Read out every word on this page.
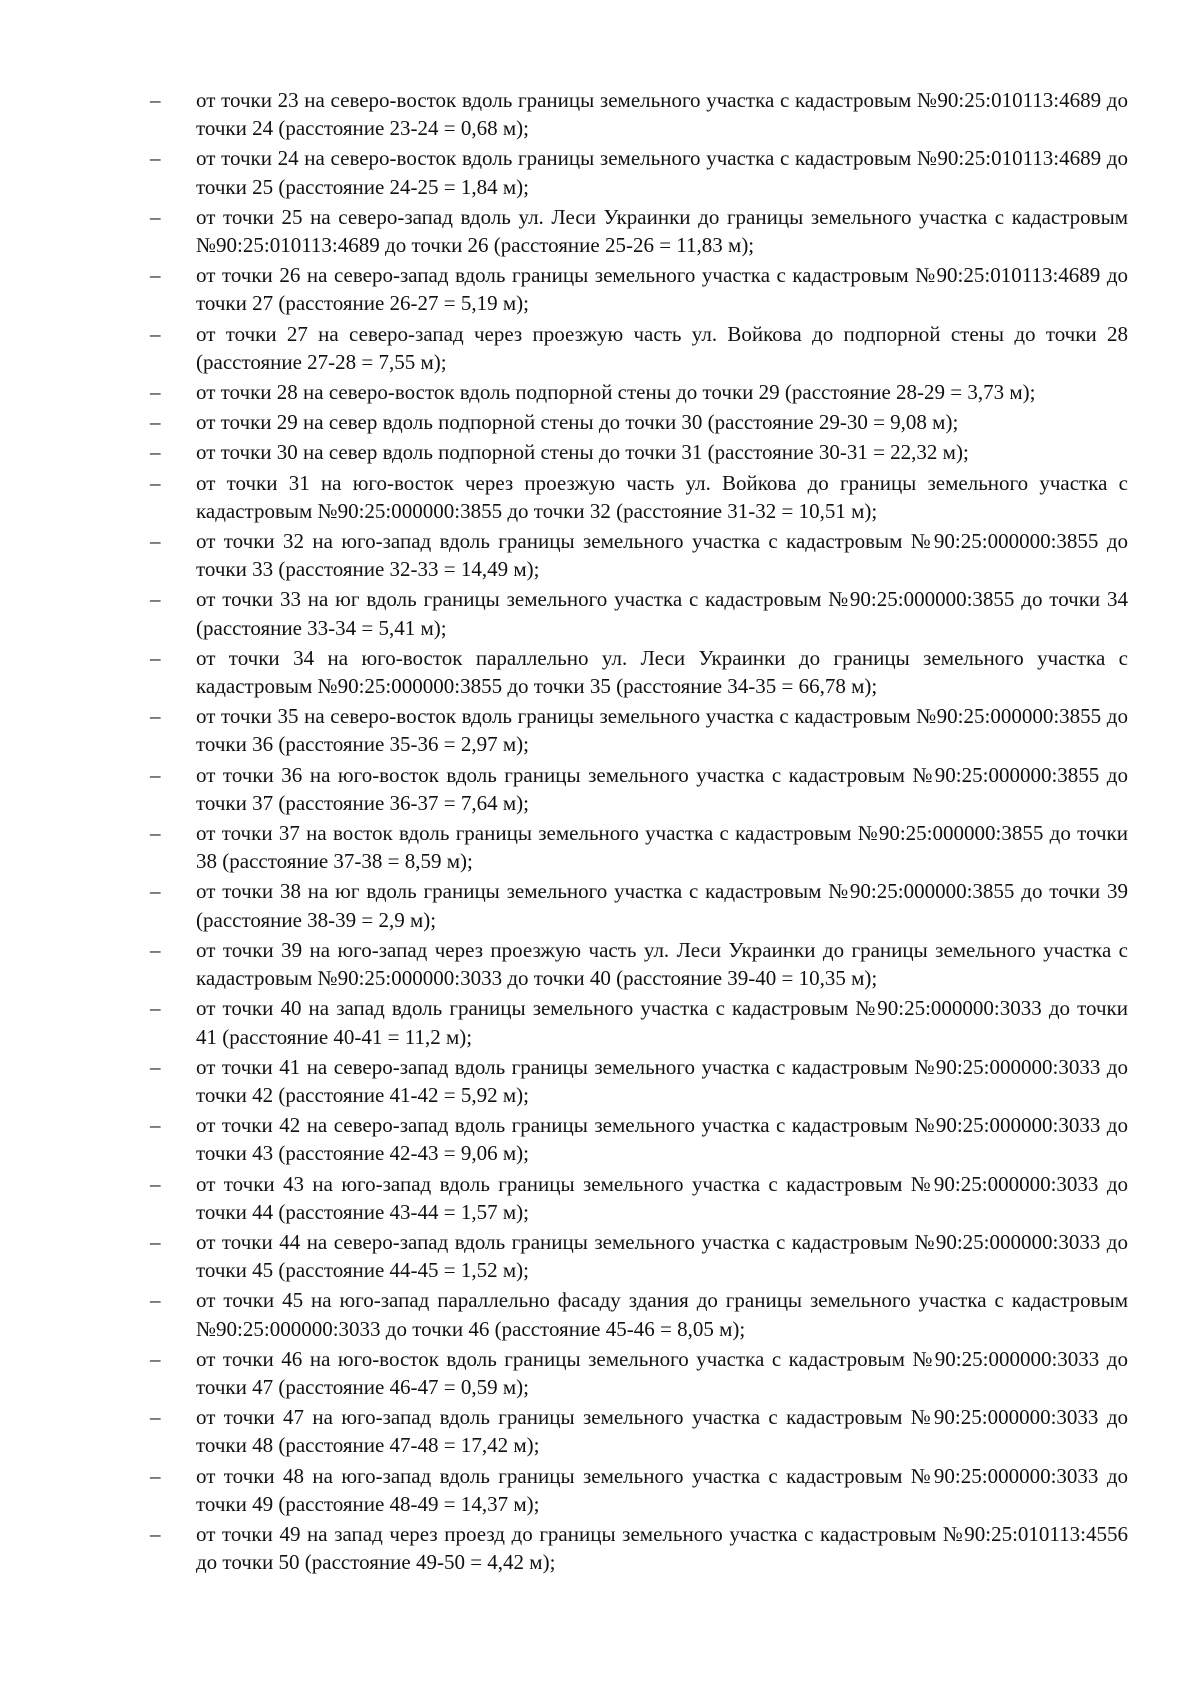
–	от точки 23 на северо-восток вдоль границы земельного участка с кадастровым №90:25:010113:4689 до точки 24 (расстояние 23-24 = 0,68 м);
–	от точки 24 на северо-восток вдоль границы земельного участка с кадастровым №90:25:010113:4689 до точки 25 (расстояние 24-25 = 1,84 м);
–	от точки 25 на северо-запад вдоль ул. Леси Украинки до границы земельного участка с кадастровым №90:25:010113:4689 до точки 26 (расстояние 25-26 = 11,83 м);
–	от точки 26 на северо-запад вдоль границы земельного участка с кадастровым №90:25:010113:4689 до точки 27 (расстояние 26-27 = 5,19 м);
–	от точки 27 на северо-запад через проезжую часть ул. Войкова до подпорной стены до точки 28 (расстояние 27-28 = 7,55 м);
–	от точки 28 на северо-восток вдоль подпорной стены до точки 29 (расстояние 28-29 = 3,73 м);
–	от точки 29 на север вдоль подпорной стены до точки 30 (расстояние 29-30 = 9,08 м);
–	от точки 30 на север вдоль подпорной стены до точки 31 (расстояние 30-31 = 22,32 м);
–	от точки 31 на юго-восток через проезжую часть ул. Войкова до границы земельного участка с кадастровым №90:25:000000:3855 до точки 32 (расстояние 31-32 = 10,51 м);
–	от точки 32 на юго-запад вдоль границы земельного участка с кадастровым №90:25:000000:3855 до точки 33 (расстояние 32-33 = 14,49 м);
–	от точки 33 на юг вдоль границы земельного участка с кадастровым №90:25:000000:3855 до точки 34 (расстояние 33-34 = 5,41 м);
–	от точки 34 на юго-восток параллельно ул. Леси Украинки до границы земельного участка с кадастровым №90:25:000000:3855 до точки 35 (расстояние 34-35 = 66,78 м);
–	от точки 35 на северо-восток вдоль границы земельного участка с кадастровым №90:25:000000:3855 до точки 36 (расстояние 35-36 = 2,97 м);
–	от точки 36 на юго-восток вдоль границы земельного участка с кадастровым №90:25:000000:3855 до точки 37 (расстояние 36-37 = 7,64 м);
–	от точки 37 на восток вдоль границы земельного участка с кадастровым №90:25:000000:3855 до точки 38 (расстояние 37-38 = 8,59 м);
–	от точки 38 на юг вдоль границы земельного участка с кадастровым №90:25:000000:3855 до точки 39 (расстояние 38-39 = 2,9 м);
–	от точки 39 на юго-запад через проезжую часть ул. Леси Украинки до границы земельного участка с кадастровым №90:25:000000:3033 до точки 40 (расстояние 39-40 = 10,35 м);
–	от точки 40 на запад вдоль границы земельного участка с кадастровым №90:25:000000:3033 до точки 41 (расстояние 40-41 = 11,2 м);
–	от точки 41 на северо-запад вдоль границы земельного участка с кадастровым №90:25:000000:3033 до точки 42 (расстояние 41-42 = 5,92 м);
–	от точки 42 на северо-запад вдоль границы земельного участка с кадастровым №90:25:000000:3033 до точки 43 (расстояние 42-43 = 9,06 м);
–	от точки 43 на юго-запад вдоль границы земельного участка с кадастровым №90:25:000000:3033 до точки 44 (расстояние 43-44 = 1,57 м);
–	от точки 44 на северо-запад вдоль границы земельного участка с кадастровым №90:25:000000:3033 до точки 45 (расстояние 44-45 = 1,52 м);
–	от точки 45 на юго-запад параллельно фасаду здания до границы земельного участка с кадастровым №90:25:000000:3033 до точки 46 (расстояние 45-46 = 8,05 м);
–	от точки 46 на юго-восток вдоль границы земельного участка с кадастровым №90:25:000000:3033 до точки 47 (расстояние 46-47 = 0,59 м);
–	от точки 47 на юго-запад вдоль границы земельного участка с кадастровым №90:25:000000:3033 до точки 48 (расстояние 47-48 = 17,42 м);
–	от точки 48 на юго-запад вдоль границы земельного участка с кадастровым №90:25:000000:3033 до точки 49 (расстояние 48-49 = 14,37 м);
–	от точки 49 на запад через проезд до границы земельного участка с кадастровым №90:25:010113:4556 до точки 50 (расстояние 49-50 = 4,42 м);
